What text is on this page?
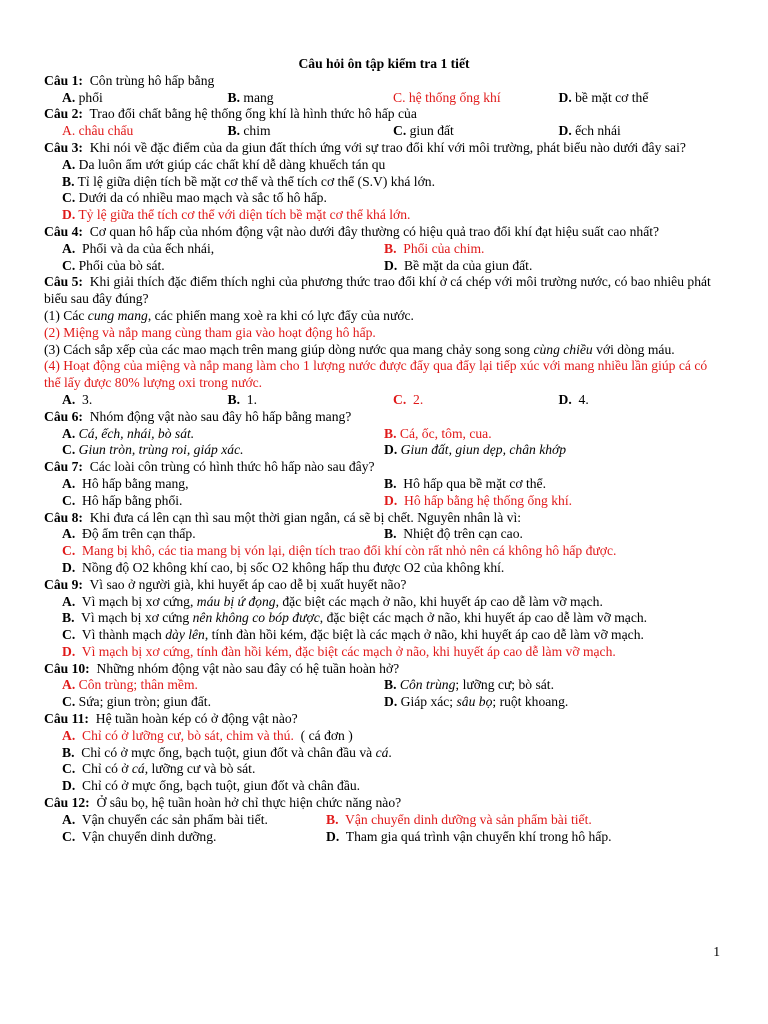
Câu hỏi ôn tập kiểm tra 1 tiết
Câu 1: Côn trùng hô hấp bằng
A. phổi	B. mang	C. hệ thống ống khí	D. bề mặt cơ thể
Câu 2: Trao đổi chất bằng hệ thống ống khí là hình thức hô hấp của
A. châu chấu	B. chim	C. giun đất	D. ếch nhái
Câu 3: Khi nói về đặc điểm của da giun đất thích ứng với sự trao đổi khí với môi trường, phát biểu nào dưới đây sai?
A. Da luôn ẩm ướt giúp các chất khí dễ dàng khuếch tán qu
B. Tỉ lệ giữa diện tích bề mặt cơ thể và thể tích cơ thể (S.V) khá lớn.
C. Dưới da có nhiều mao mạch và sắc tố hô hấp.
D. Tỷ lệ giữa thể tích cơ thể với diện tích bề mặt cơ thể khá lớn.
Câu 4: Cơ quan hô hấp của nhóm động vật nào dưới đây thường có hiệu quả trao đổi khí đạt hiệu suất cao nhất?
A. Phổi và da của ếch nhái,	B. Phổi của chim.
C. Phổi của bò sát.	D. Bề mặt da của giun đất.
Câu 5: Khi giải thích đặc điểm thích nghi của phương thức trao đổi khí ở cá chép với môi trường nước, có bao nhiêu phát biểu sau đây đúng?
(1) Các cung mang, các phiến mang xoè ra khi có lực đẩy của nước.
(2) Miệng và nắp mang cùng tham gia vào hoạt động hô hấp.
(3) Cách sắp xếp của các mao mạch trên mang giúp dòng nước qua mang chảy song song cùng chiều với dòng máu.
(4) Hoạt động của miệng và nắp mang làm cho 1 lượng nước được đẩy qua đẩy lại tiếp xúc với mang nhiều lần giúp cá có thể lấy được 80% lượng oxi trong nước.
A. 3.	B. 1.	C. 2.	D. 4.
Câu 6: Nhóm động vật nào sau đây hô hấp bằng mang?
A. Cá, ếch, nhái, bò sát.	B. Cá, ốc, tôm, cua.
C. Giun tròn, trùng roi, giáp xác.	D. Giun đất, giun dẹp, chân khớp
Câu 7: Các loài côn trùng có hình thức hô hấp nào sau đây?
A. Hô hấp bằng mang,	B. Hô hấp qua bề mặt cơ thể.
C. Hô hấp bằng phổi.	D. Hô hấp bằng hệ thống ống khí.
Câu 8: Khi đưa cá lên cạn thì sau một thời gian ngắn, cá sẽ bị chết. Nguyên nhân là vì:
A. Độ ẩm trên cạn thấp.	B. Nhiệt độ trên cạn cao.
C. Mang bị khô, các tia mang bị vón lại, diện tích trao đổi khí còn rất nhỏ nên cá không hô hấp được.
D. Nồng độ O2 không khí cao, bị sốc O2 không hấp thu được O2 của không khí.
Câu 9: Vì sao ở người già, khi huyết áp cao dễ bị xuất huyết não?
A. Vì mạch bị xơ cứng, máu bị ứ đọng, đặc biệt các mạch ở não, khi huyết áp cao dễ làm vỡ mạch.
B. Vì mạch bị xơ cứng nên không co bóp được, đặc biệt các mạch ở não, khi huyết áp cao dễ làm vỡ mạch.
C. Vì thành mạch dày lên, tính đàn hồi kém, đặc biệt là các mạch ở não, khi huyết áp cao dễ làm vỡ mạch.
D. Vì mạch bị xơ cứng, tính đàn hồi kém, đặc biệt các mạch ở não, khi huyết áp cao dễ làm vỡ mạch.
Câu 10: Những nhóm động vật nào sau đây có hệ tuần hoàn hở?
A. Côn trùng; thân mềm.	B. Côn trùng; lưỡng cư; bò sát.
C. Sứa; giun tròn; giun đất.	D. Giáp xác; sâu bọ; ruột khoang.
Câu 11: Hệ tuần hoàn kép có ở động vật nào?
A. Chỉ có ở lưỡng cư, bò sát, chim và thú. ( cá đơn )
B. Chỉ có ở mực ống, bạch tuột, giun đốt và chân đầu và cá.
C. Chỉ có ở cá, lưỡng cư và bò sát.
D. Chỉ có ở mực ống, bạch tuột, giun đốt và chân đầu.
Câu 12: Ở sâu bọ, hệ tuần hoàn hở chỉ thực hiện chức năng nào?
A. Vận chuyển các sản phẩm bài tiết.	B. Vận chuyển dinh dưỡng và sản phẩm bài tiết.
C. Vận chuyển dinh dưỡng.	D. Tham gia quá trình vận chuyển khí trong hô hấp.
1
